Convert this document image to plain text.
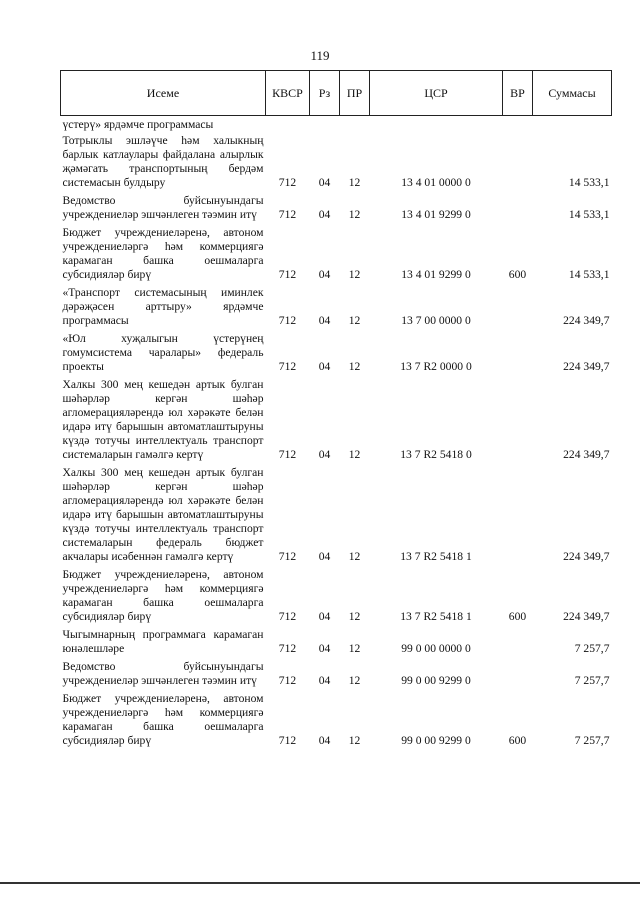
119
Исеме	КВСР	Рз	ПР	ЦСР	ВР	Суммасы
үстерү» ярдәмче программасы						
Тотрыклы эшләүче һәм халыкның барлык катлаулары файдалана алырлык җәмәгать транспортының бердәм системасын булдыру	712	04	12	13 4 01 0000 0		14 533,1
Ведомство буйсынуындагы учреждениеләр эшчәнлеген тәэмин итү	712	04	12	13 4 01 9299 0		14 533,1
Бюджет учреждениеләренә, автоном учреждениеләргә һәм коммерциягә карамаган башка оешмаларга субсидияләр бирү	712	04	12	13 4 01 9299 0	600	14 533,1
«Транспорт системасының иминлек дәрәҗәсен арттыру» ярдәмче программасы	712	04	12	13 7 00 0000 0		224 349,7
«Юл хуҗалыгын үстерүнең гомумсистема чаралары» федераль проекты	712	04	12	13 7 R2 0000 0		224 349,7
Халкы 300 мең кешедән артык булган шәһәрләр кергән шәһәр агломерацияләрендә юл хәрәкәте белән идарә итү барышын автоматлаштыруны күздә тотучы интеллектуаль транспорт системаларын гамәлгә кертү	712	04	12	13 7 R2 5418 0		224 349,7
Халкы 300 мең кешедән артык булган шәһәрләр кергән шәһәр агломерацияләрендә юл хәрәкәте белән идарә итү барышын автоматлаштыруны күздә тотучы интеллектуаль транспорт системаларын федераль бюджет акчалары исәбеннән гамәлгә кертү	712	04	12	13 7 R2 5418 1		224 349,7
Бюджет учреждениеләренә, автоном учреждениеләргә һәм коммерциягә карамаган башка оешмаларга субсидияләр бирү	712	04	12	13 7 R2 5418 1	600	224 349,7
Чыгымнарның программага карамаган юнәлешләре	712	04	12	99 0 00 0000 0		7 257,7
Ведомство буйсынуындагы учреждениеләр эшчәнлеген тәэмин итү	712	04	12	99 0 00 9299 0		7 257,7
Бюджет учреждениеләренә, автоном учреждениеләргә һәм коммерциягә карамаган башка оешмаларга субсидияләр бирү	712	04	12	99 0 00 9299 0	600	7 257,7
